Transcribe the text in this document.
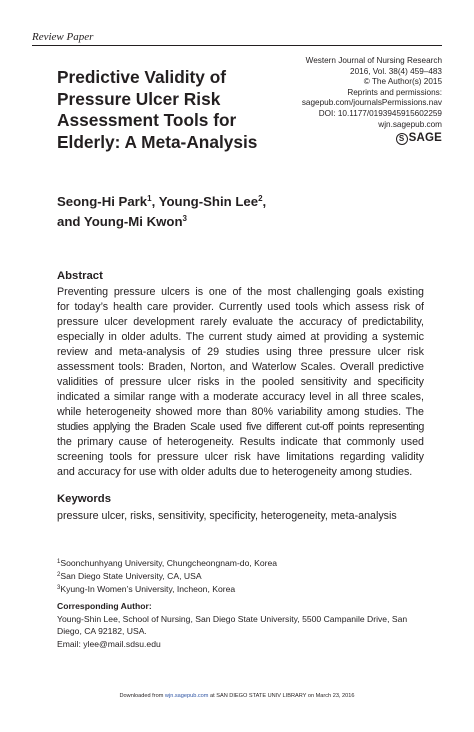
Review Paper
Western Journal of Nursing Research
2016, Vol. 38(4) 459–483
© The Author(s) 2015
Reprints and permissions:
sagepub.com/journalsPermissions.nav
DOI: 10.1177/0193945915602259
wjn.sagepub.com
S SAGE
Predictive Validity of
Pressure Ulcer Risk
Assessment Tools for
Elderly: A Meta-Analysis
Seong-Hi Park$^1$, Young-Shin Lee$^2$,
and Young-Mi Kwon$^3$
Abstract
Preventing pressure ulcers is one of the most challenging goals existing
for today’s health care provider. Currently used tools which assess risk of
pressure ulcer development rarely evaluate the accuracy of predictability,
especially in older adults. The current study aimed at providing a systemic
review and meta-analysis of 29 studies using three pressure ulcer risk
assessment tools: Braden, Norton, and Waterlow Scales. Overall predictive
validities of pressure ulcer risks in the pooled sensitivity and specificity
indicated a similar range with a moderate accuracy level in all three scales,
while heterogeneity showed more than 80% variability among studies. The
studies applying the Braden Scale used five different cut-off points representing
the primary cause of heterogeneity. Results indicate that commonly used
screening tools for pressure ulcer risk have limitations regarding validity
and accuracy for use with older adults due to heterogeneity among studies.
Keywords
pressure ulcer, risks, sensitivity, specificity, heterogeneity, meta-analysis
$^1$Soonchunhyang University, Chungcheongnam-do, Korea
$^2$San Diego State University, CA, USA
$^3$Kyung-In Women’s University, Incheon, Korea
Corresponding Author:
Young-Shin Lee, School of Nursing, San Diego State University, 5500 Campanile Drive, San
Diego, CA 92182, USA.
Email: ylee@mail.sdsu.edu
Downloaded from wjn.sagepub.com at SAN DIEGO STATE UNIV LIBRARY on March 23, 2016
